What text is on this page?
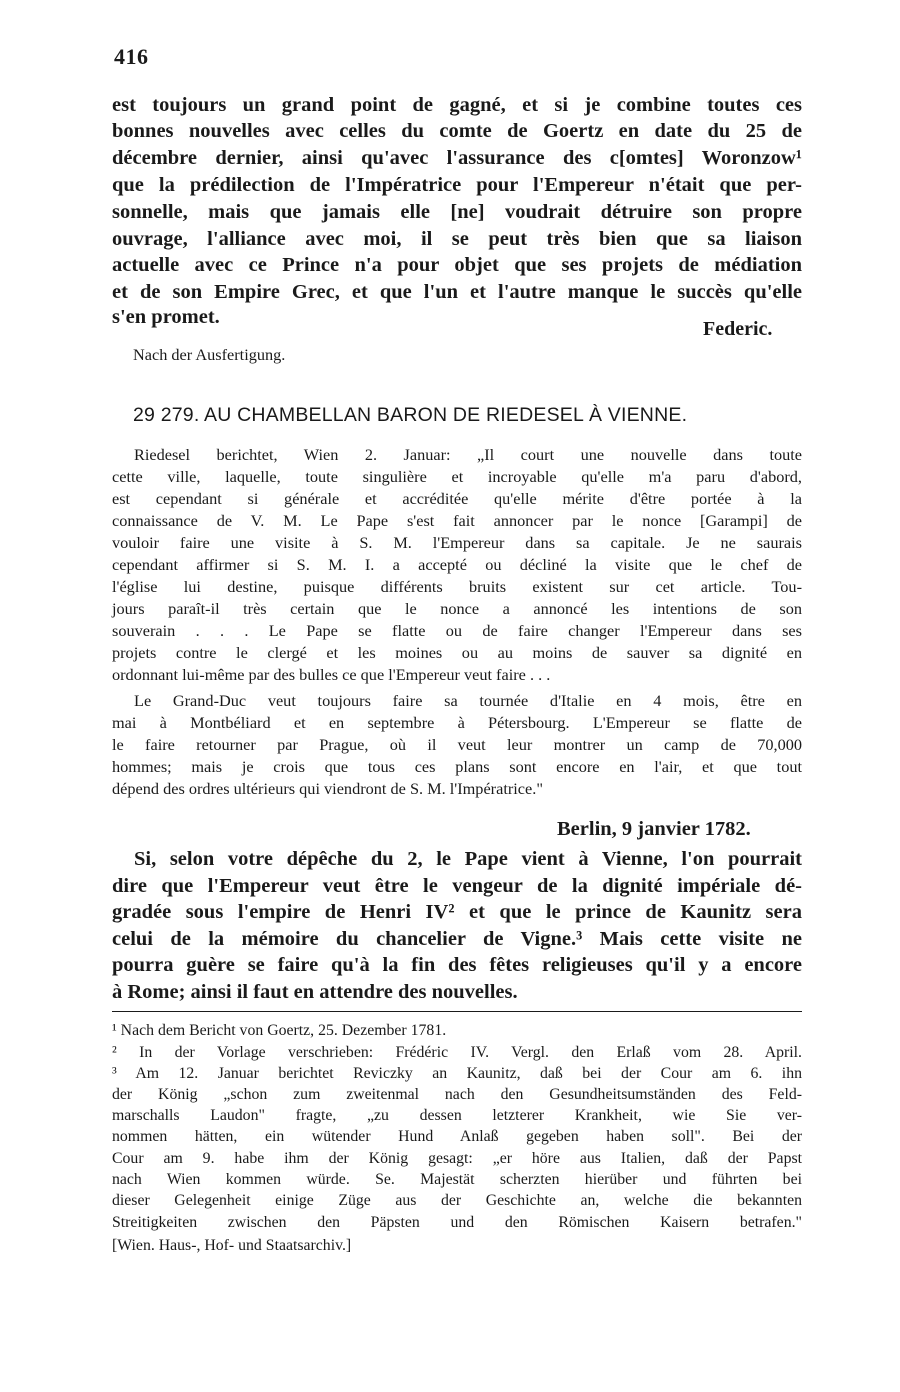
416
est toujours un grand point de gagné, et si je combine toutes ces
bonnes nouvelles avec celles du comte de Goertz en date du 25 de
décembre dernier, ainsi qu'avec l'assurance des c[omtes] Woronzow¹
que la prédilection de l'Impératrice pour l'Empereur n'était que per-
sonnelle, mais que jamais elle [ne] voudrait détruire son propre
ouvrage, l'alliance avec moi, il se peut très bien que sa liaison
actuelle avec ce Prince n'a pour objet que ses projets de médiation
et de son Empire Grec, et que l'un et l'autre manque le succès qu'elle
s'en promet.
Federic.
Nach der Ausfertigung.
29 279. AU CHAMBELLAN BARON DE RIEDESEL À VIENNE.
Riedesel berichtet, Wien 2. Januar: „Il court une nouvelle dans toute
cette ville, laquelle, toute singulière et incroyable qu'elle m'a paru d'abord,
est cependant si générale et accréditée qu'elle mérite d'être portée à la
connaissance de V. M. Le Pape s'est fait annoncer par le nonce [Garampi] de
vouloir faire une visite à S. M. l'Empereur dans sa capitale. Je ne saurais
cependant affirmer si S. M. I. a accepté ou décliné la visite que le chef de
l'église lui destine, puisque différents bruits existent sur cet article. Tou-
jours paraît-il très certain que le nonce a annoncé les intentions de son
souverain . . . Le Pape se flatte ou de faire changer l'Empereur dans ses
projets contre le clergé et les moines ou au moins de sauver sa dignité en
ordonnant lui-même par des bulles ce que l'Empereur veut faire . . .
Le Grand-Duc veut toujours faire sa tournée d'Italie en 4 mois, être en
mai à Montbéliard et en septembre à Pétersbourg. L'Empereur se flatte de
le faire retourner par Prague, où il veut leur montrer un camp de 70,000
hommes; mais je crois que tous ces plans sont encore en l'air, et que tout
dépend des ordres ultérieurs qui viendront de S. M. l'Impératrice."
Berlin, 9 janvier 1782.
Si, selon votre dépêche du 2, le Pape vient à Vienne, l'on pourrait
dire que l'Empereur veut être le vengeur de la dignité impériale dé-
gradée sous l'empire de Henri IV² et que le prince de Kaunitz sera
celui de la mémoire du chancelier de Vigne.³ Mais cette visite ne
pourra guère se faire qu'à la fin des fêtes religieuses qu'il y a encore
à Rome; ainsi il faut en attendre des nouvelles.
¹ Nach dem Bericht von Goertz, 25. Dezember 1781.
² In der Vorlage verschrieben: Frédéric IV. Vergl. den Erlaß vom 28. April.
³ Am 12. Januar berichtet Reviczky an Kaunitz, daß bei der Cour am 6. ihn
der König „schon zum zweitenmal nach den Gesundheitsumständen des Feld-
marschalls Laudon" fragte, „zu dessen letzterer Krankheit, wie Sie ver-
nommen hätten, ein wütender Hund Anlaß gegeben haben soll". Bei der
Cour am 9. habe ihm der König gesagt: „er höre aus Italien, daß der Papst
nach Wien kommen würde. Se. Majestät scherzten hierüber und führten bei
dieser Gelegenheit einige Züge aus der Geschichte an, welche die bekannten
Streitigkeiten zwischen den Päpsten und den Römischen Kaisern betrafen."
[Wien. Haus-, Hof- und Staatsarchiv.]
